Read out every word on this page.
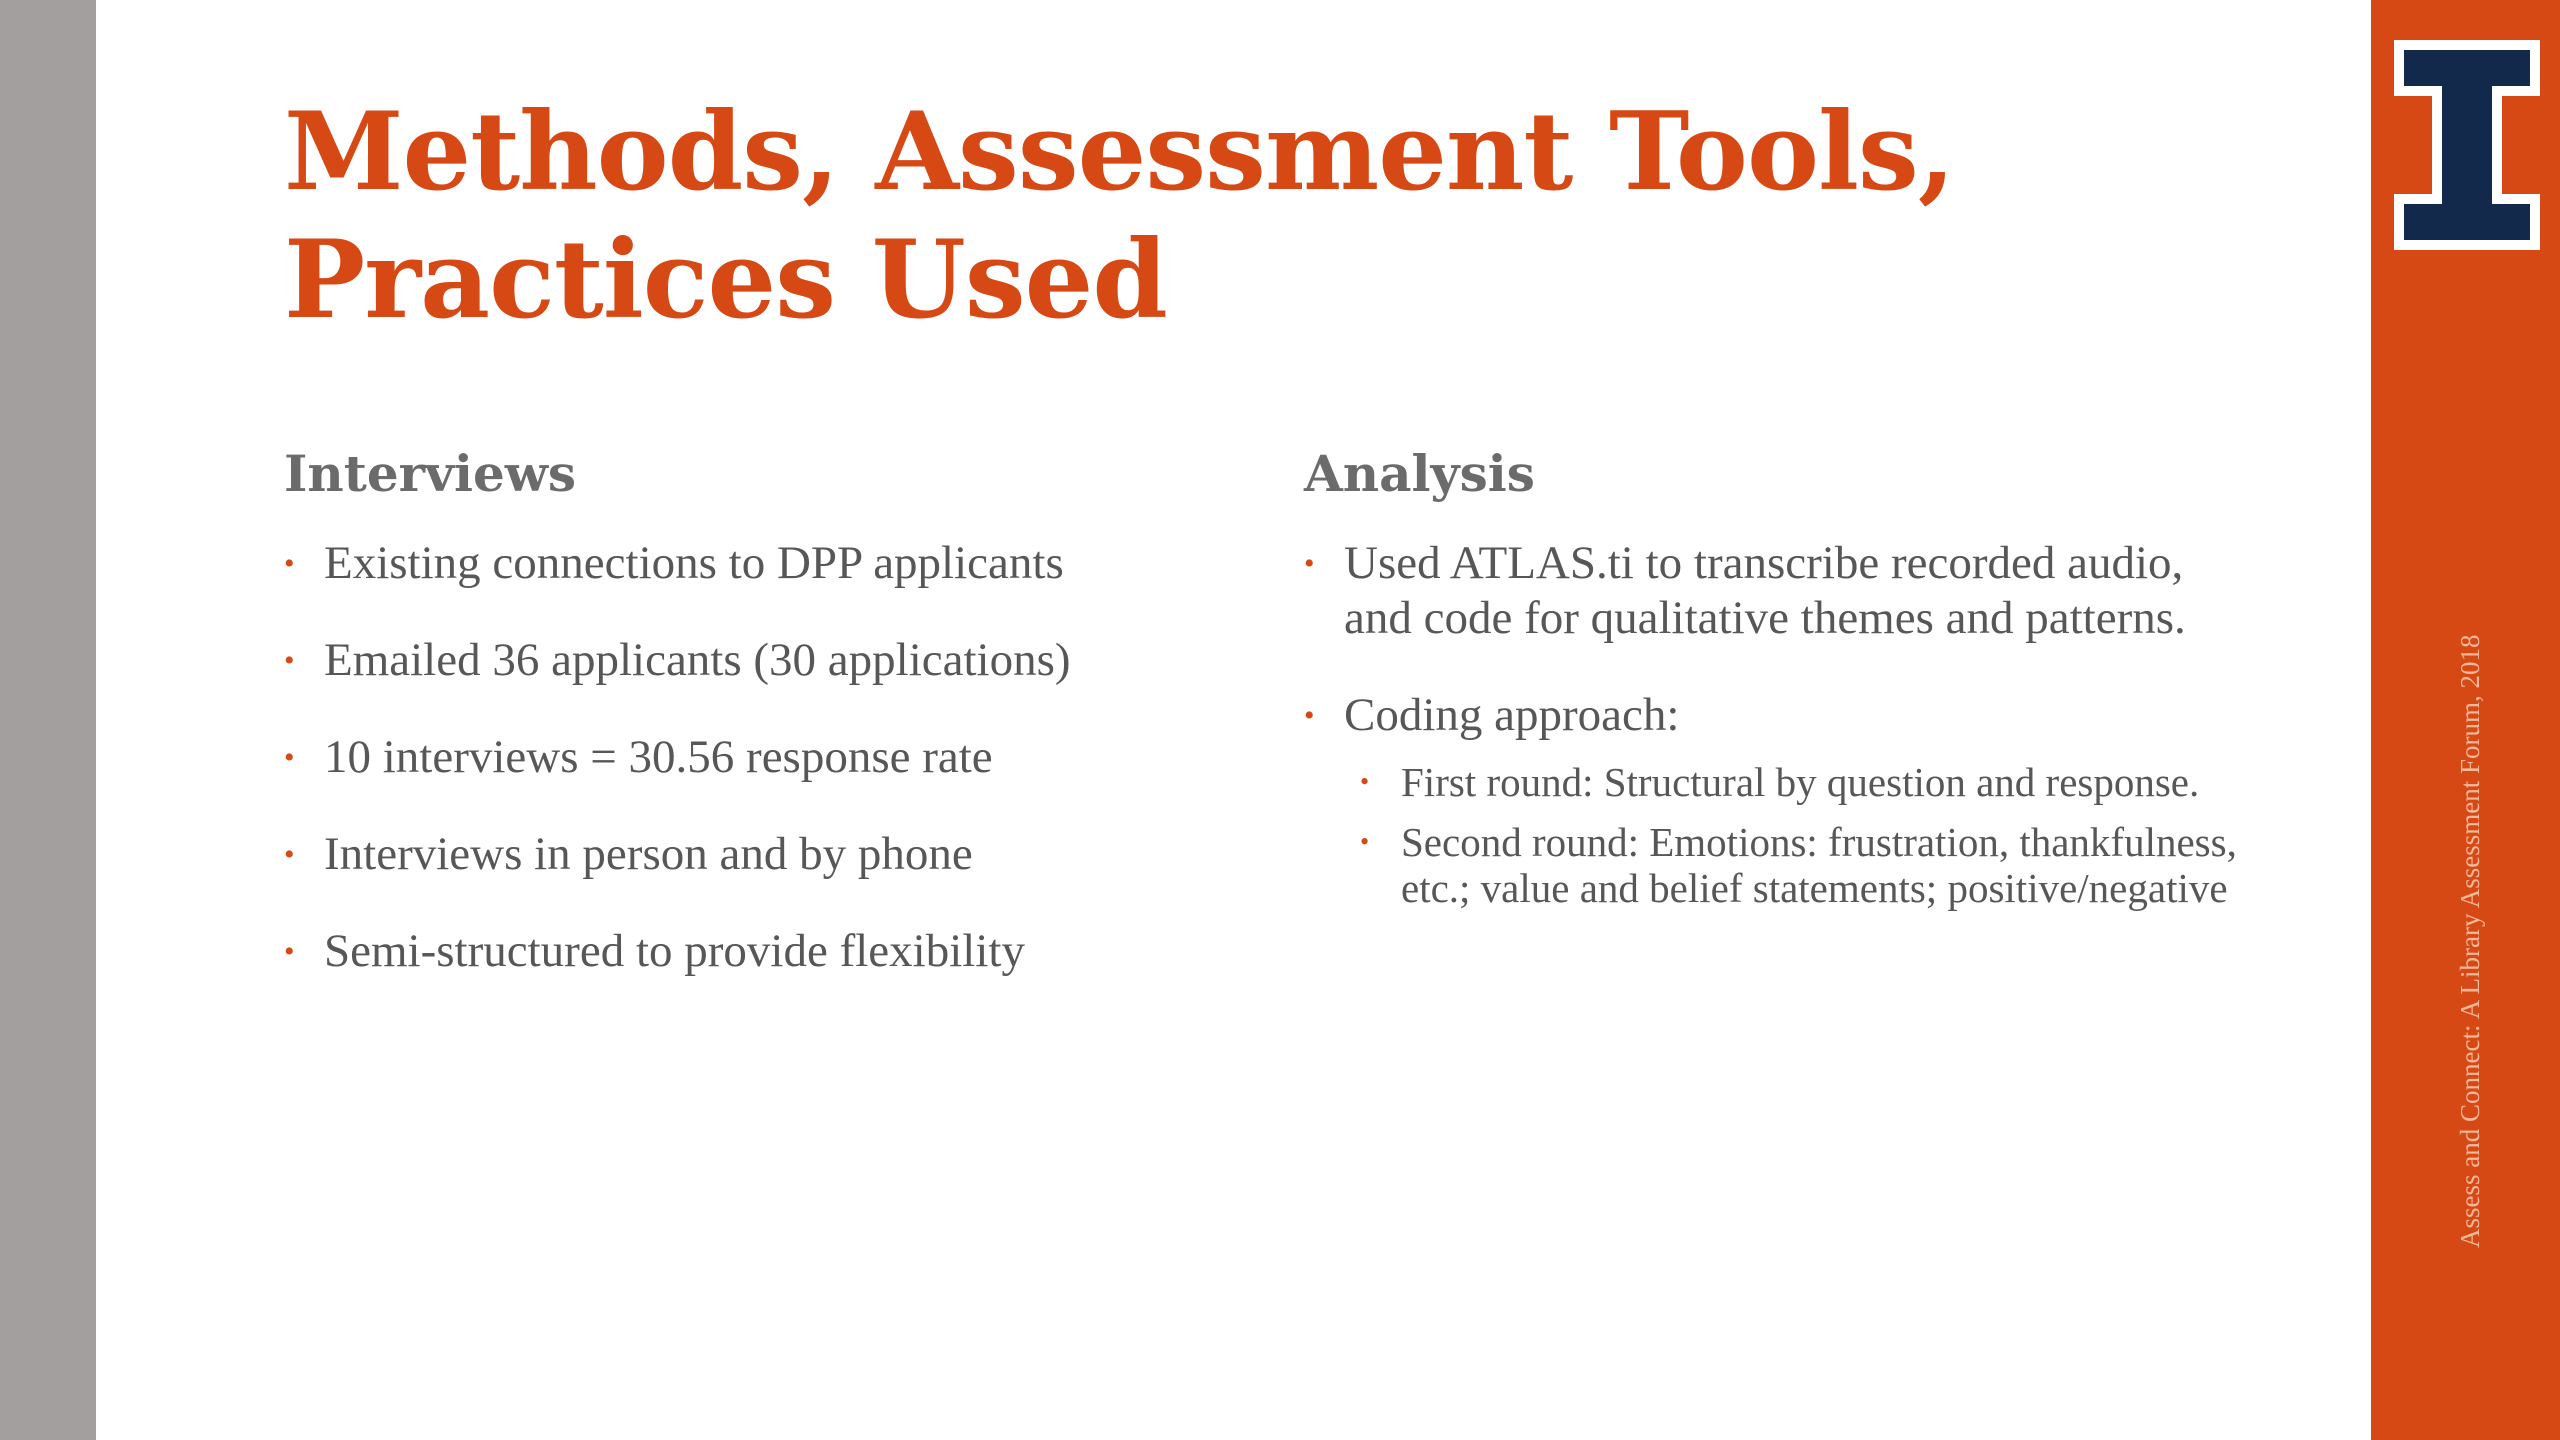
Assess and Connect: A Library Assessment Forum, 2018
Methods, Assessment Tools,
Practices Used
Interviews
• Existing connections to DPP applicants
• Emailed 36 applicants (30 applications)
• 10 interviews = 30.56 response rate
• Interviews in person and by phone
• Semi-structured to provide flexibility
Analysis
• Used ATLAS.ti to transcribe recorded audio, and code for qualitative themes and patterns.
• Coding approach:
• First round: Structural by question and response.
• Second round: Emotions: frustration, thankfulness, etc.; value and belief statements; positive/negative
